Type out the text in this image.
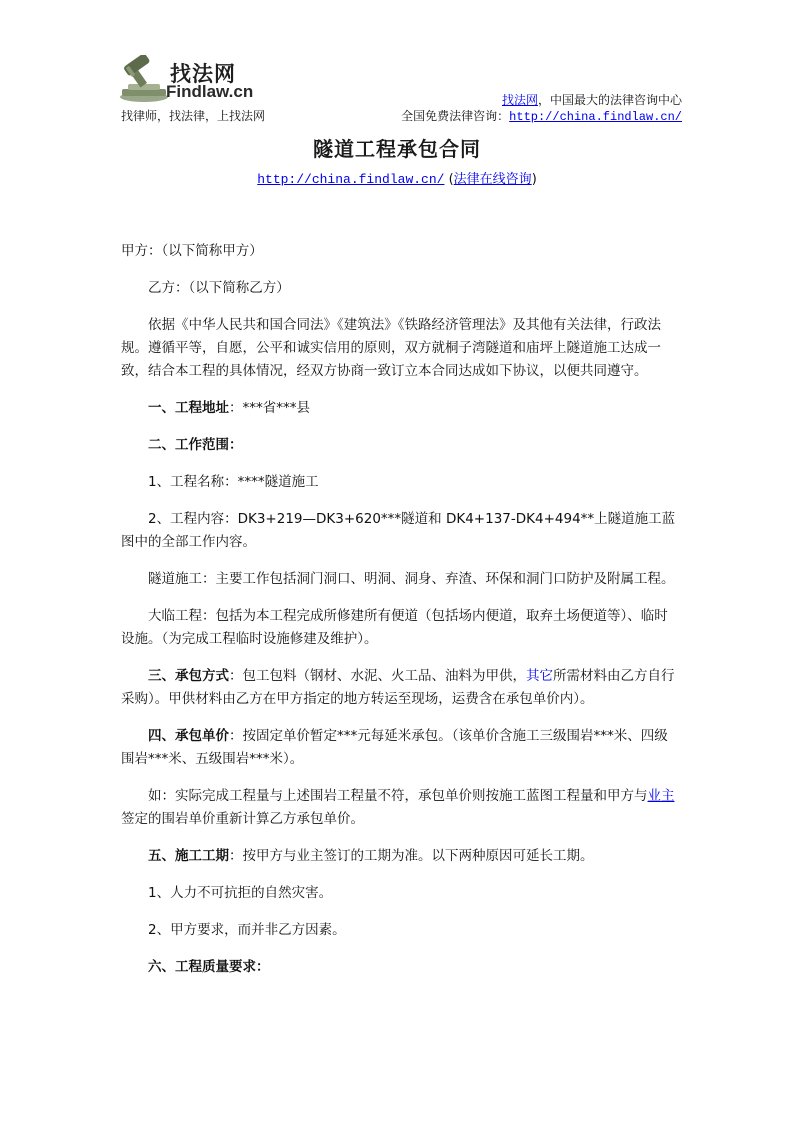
找法网
Findlaw.cn
找律师，找法律，上找法网
找法网，中国最大的法律咨询中心
全国免费法律咨询：http://china.findlaw.cn/
隧道工程承包合同
http://china.findlaw.cn/ (法律在线咨询)

甲方：（以下简称甲方）

乙方：（以下简称乙方）

依据《中华人民共和国合同法》《建筑法》《铁路经济管理法》及其他有关法律，行政法规。遵循平等，自愿，公平和诚实信用的原则，双方就桐子湾隧道和庙坪上隧道施工达成一致，结合本工程的具体情况，经双方协商一致订立本合同达成如下协议，以便共同遵守。

一、工程地址：***省***县

二、工作范围：

1、工程名称：****隧道施工

2、工程内容：DK3+219—DK3+620***隧道和 DK4+137-DK4+494**上隧道施工蓝图中的全部工作内容。

隧道施工：主要工作包括洞门洞口、明洞、洞身、弃渣、环保和洞门口防护及附属工程。

大临工程：包括为本工程完成所修建所有便道（包括场内便道，取弃土场便道等）、临时设施。（为完成工程临时设施修建及维护）。

三、承包方式：包工包料（钢材、水泥、火工品、油料为甲供，其它所需材料由乙方自行采购）。甲供材料由乙方在甲方指定的地方转运至现场，运费含在承包单价内）。

四、承包单价：按固定单价暂定***元每延米承包。（该单价含施工三级围岩***米、四级围岩***米、五级围岩***米）。

如：实际完成工程量与上述围岩工程量不符，承包单价则按施工蓝图工程量和甲方与业主签定的围岩单价重新计算乙方承包单价。

五、施工工期：按甲方与业主签订的工期为准。以下两种原因可延长工期。

1、人力不可抗拒的自然灾害。

2、甲方要求，而并非乙方因素。

六、工程质量要求：
